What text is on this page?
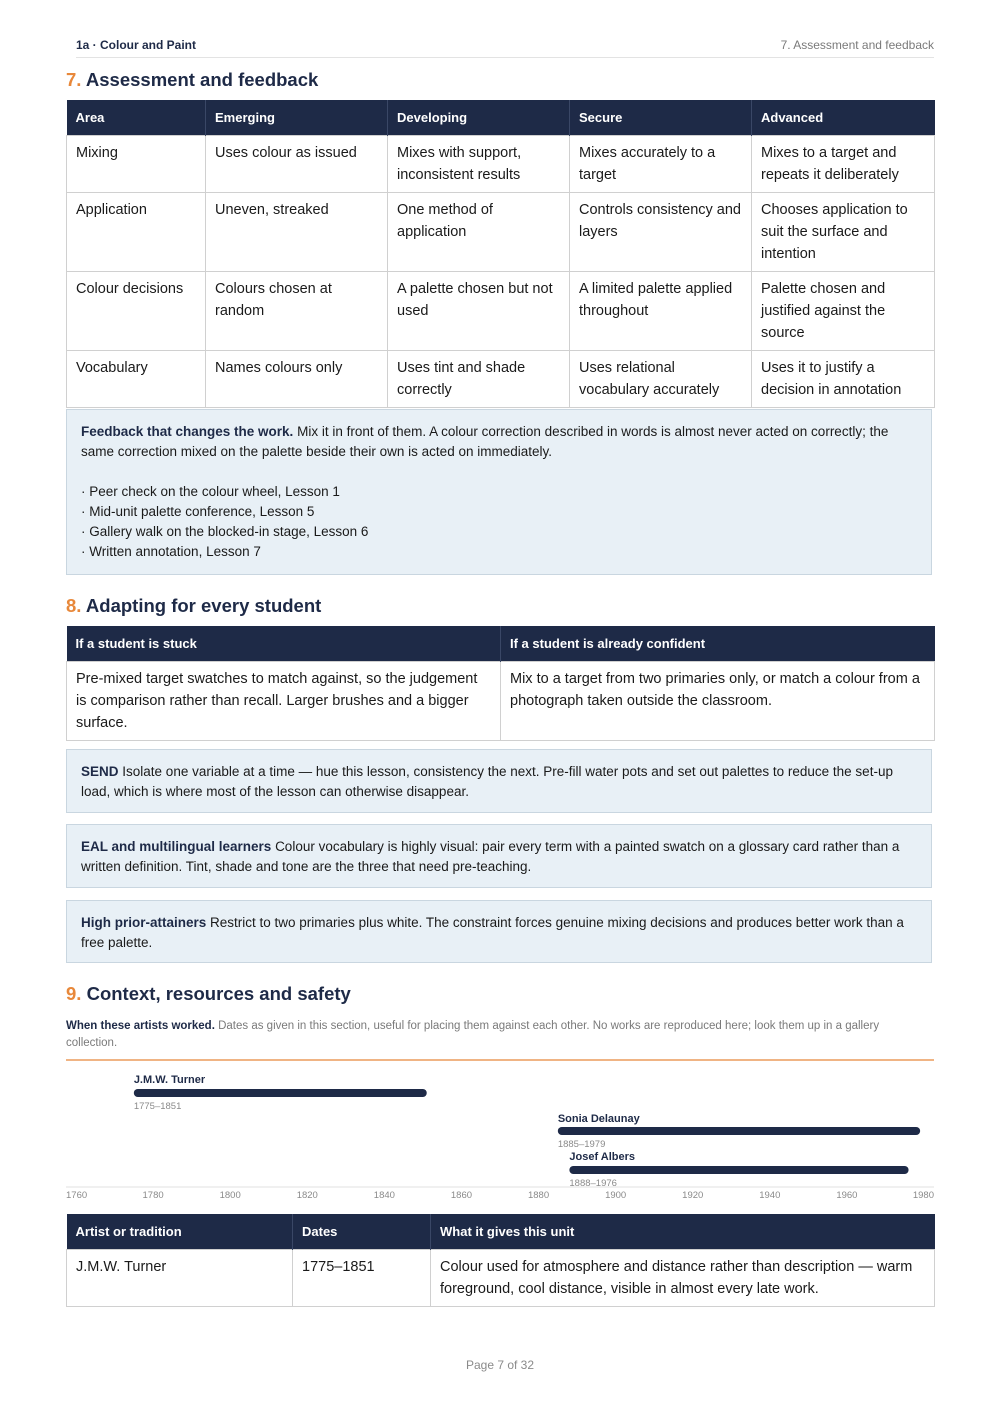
1a · Colour and Paint	7. Assessment and feedback
7. Assessment and feedback
Area	Emerging	Developing	Secure	Advanced
Mixing	Uses colour as issued	Mixes with support, inconsistent results	Mixes accurately to a target	Mixes to a target and repeats it deliberately
Application	Uneven, streaked	One method of application	Controls consistency and layers	Chooses application to suit the surface and intention
Colour decisions	Colours chosen at random	A palette chosen but not used	A limited palette applied throughout	Palette chosen and justified against the source
Vocabulary	Names colours only	Uses tint and shade correctly	Uses relational vocabulary accurately	Uses it to justify a decision in annotation
Feedback that changes the work. Mix it in front of them. A colour correction described in words is almost never acted on correctly; the same correction mixed on the palette beside their own is acted on immediately.
· Peer check on the colour wheel, Lesson 1
· Mid-unit palette conference, Lesson 5
· Gallery walk on the blocked-in stage, Lesson 6
· Written annotation, Lesson 7
8. Adapting for every student
If a student is stuck	If a student is already confident
Pre-mixed target swatches to match against, so the judgement is comparison rather than recall. Larger brushes and a bigger surface.	Mix to a target from two primaries only, or match a colour from a photograph taken outside the classroom.
SEND Isolate one variable at a time — hue this lesson, consistency the next. Pre-fill water pots and set out palettes to reduce the set-up load, which is where most of the lesson can otherwise disappear.
EAL and multilingual learners Colour vocabulary is highly visual: pair every term with a painted swatch on a glossary card rather than a written definition. Tint, shade and tone are the three that need pre-teaching.
High prior-attainers Restrict to two primaries plus white. The constraint forces genuine mixing decisions and produces better work than a free palette.
9. Context, resources and safety
When these artists worked. Dates as given in this section, useful for placing them against each other. No works are reproduced here; look them up in a gallery collection.
1760	1780	1800	1820	1840	1860	1880	1900	1920	1940	1960	1980
J.M.W. Turner
1775–1851
Sonia Delaunay
1885–1979
Josef Albers
1888–1976
Artist or tradition	Dates	What it gives this unit
J.M.W. Turner	1775–1851	Colour used for atmosphere and distance rather than description — warm foreground, cool distance, visible in almost every late work.
Page 7 of 32
